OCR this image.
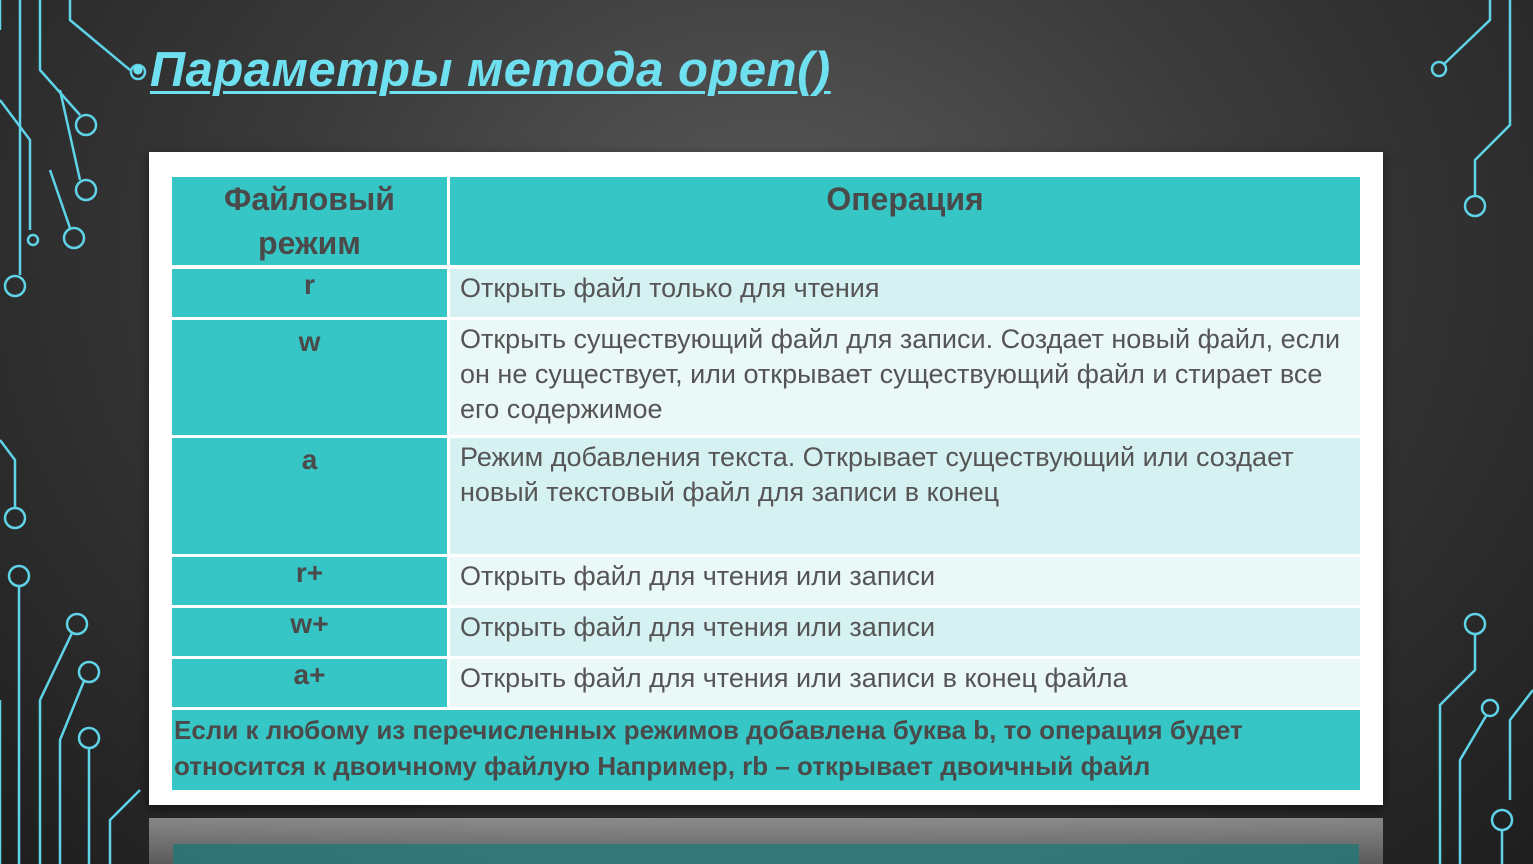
• Параметры метода open()
Файловый режим	Операция
r	Открыть файл только для чтения
w	Открыть существующий файл для записи. Создает новый файл, если он не существует, или открывает существующий файл и стирает все его содержимое
a	Режим добавления текста. Открывает существующий или создает новый текстовый файл для записи в конец
r+	Открыть файл для чтения или записи
w+	Открыть файл для чтения или записи
a+	Открыть файл для чтения или записи в конец файла
Если к любому из перечисленных режимов добавлена буква b, то операция будет относится к двоичному файлую Например, rb – открывает двоичный файл	
